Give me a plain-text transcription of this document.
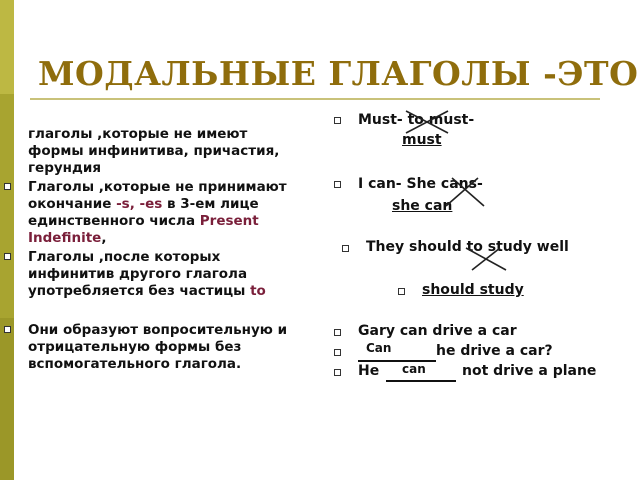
МОДАЛЬНЫЕ ГЛАГОЛЫ -ЭТО

глаголы ,которые не имеют формы инфинитива, причастия, герундия

Глаголы ,которые не принимают окончание -s, -es в 3-ем лице единственного числа Present Indefinite,
Глаголы ,после которых инфинитив другого глагола употребляется без частицы to
Они образуют вопросительную и отрицательную формы без вспомогательного глагола.
Must- to must-
must
I can- She cans-
she can
They should to study well
should study
Gary can drive a car
Can	he drive a car?
He can	not drive a plane
